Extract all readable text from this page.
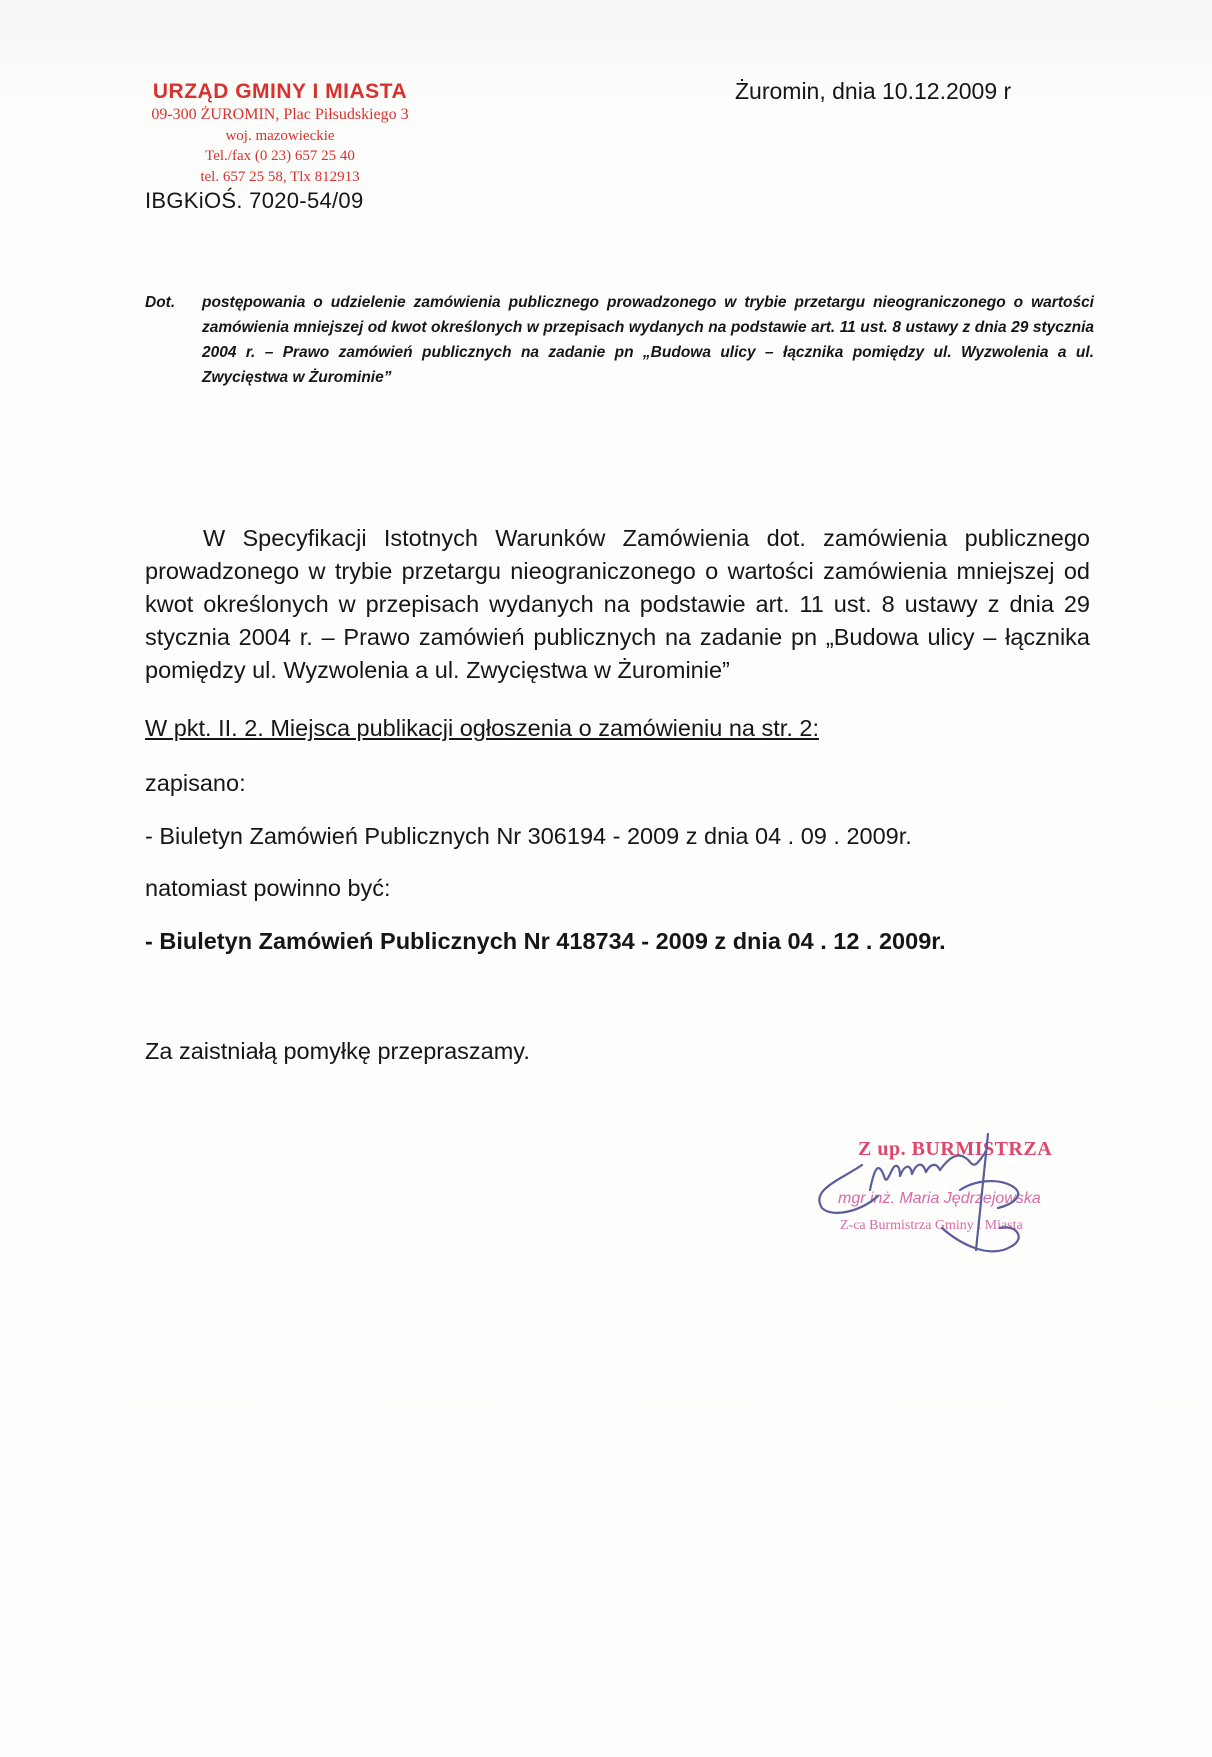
URZĄD GMINY I MIASTA
09-300 ŻUROMIN, Plac Piłsudskiego 3
woj. mazowieckie
Tel./fax (0 23) 657 25 40
tel. 657 25 58, Tlx 812913
Żuromin, dnia 10.12.2009 r
IBGKiOŚ. 7020-54/09
Dot. postępowania o udzielenie zamówienia publicznego prowadzonego w trybie przetargu nieograniczonego o wartości zamówienia mniejszej od kwot określonych w przepisach wydanych na podstawie art. 11 ust. 8 ustawy z dnia 29 stycznia 2004 r. – Prawo zamówień publicznych na zadanie pn „Budowa ulicy – łącznika pomiędzy ul. Wyzwolenia a ul. Zwycięstwa w Żurominie”
W Specyfikacji Istotnych Warunków Zamówienia dot. zamówienia publicznego prowadzonego w trybie przetargu nieograniczonego o wartości zamówienia mniejszej od kwot określonych w przepisach wydanych na podstawie art. 11 ust. 8 ustawy z dnia 29 stycznia 2004 r. – Prawo zamówień publicznych na zadanie pn „Budowa ulicy – łącznika pomiędzy ul. Wyzwolenia a ul. Zwycięstwa w Żurominie”
W pkt. II. 2. Miejsca publikacji ogłoszenia o zamówieniu na str. 2:
zapisano:
- Biuletyn Zamówień Publicznych Nr 306194 - 2009 z dnia 04 . 09 . 2009r.
natomiast powinno być:
- Biuletyn Zamówień Publicznych Nr 418734 - 2009 z dnia 04 . 12 . 2009r.
Za zaistniałą pomyłkę przepraszamy.
Z up. BURMISTRZA
mgr inż. Maria Jędrzejowska
Z-ca Burmistrza Gminy i Miasta
